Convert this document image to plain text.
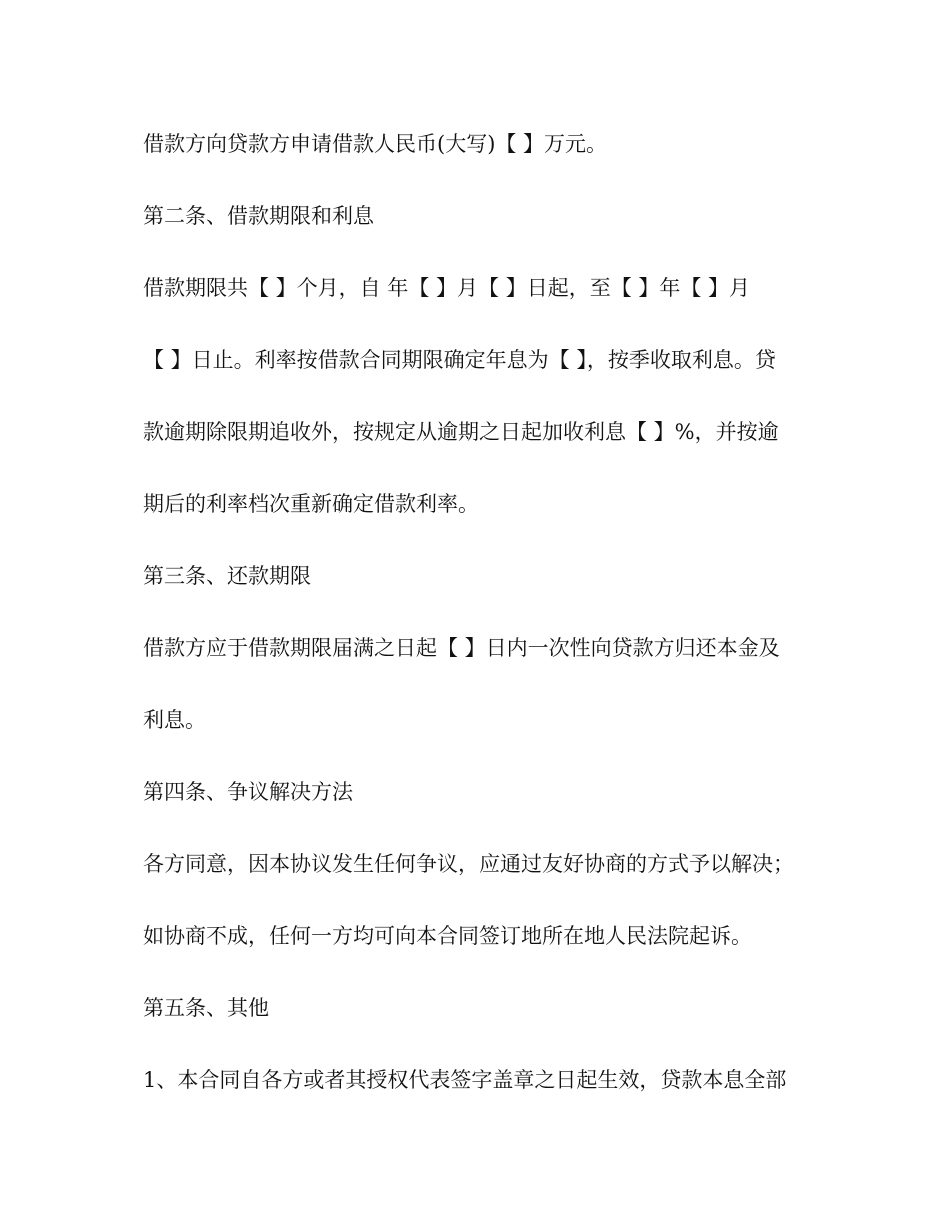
借款方向贷款方申请借款人民币(大写)【 】万元。

第二条、借款期限和利息

借款期限共【 】个月，自 年【 】月【 】日起，至【 】年【 】月

【 】日止。利率按借款合同期限确定年息为【 】，按季收取利息。贷

款逾期除限期追收外，按规定从逾期之日起加收利息【 】%，并按逾

期后的利率档次重新确定借款利率。

第三条、还款期限

借款方应于借款期限届满之日起【 】日内一次性向贷款方归还本金及

利息。

第四条、争议解决方法

各方同意，因本协议发生任何争议，应通过友好协商的方式予以解决；

如协商不成，任何一方均可向本合同签订地所在地人民法院起诉。

第五条、其他

1、本合同自各方或者其授权代表签字盖章之日起生效，贷款本息全部
